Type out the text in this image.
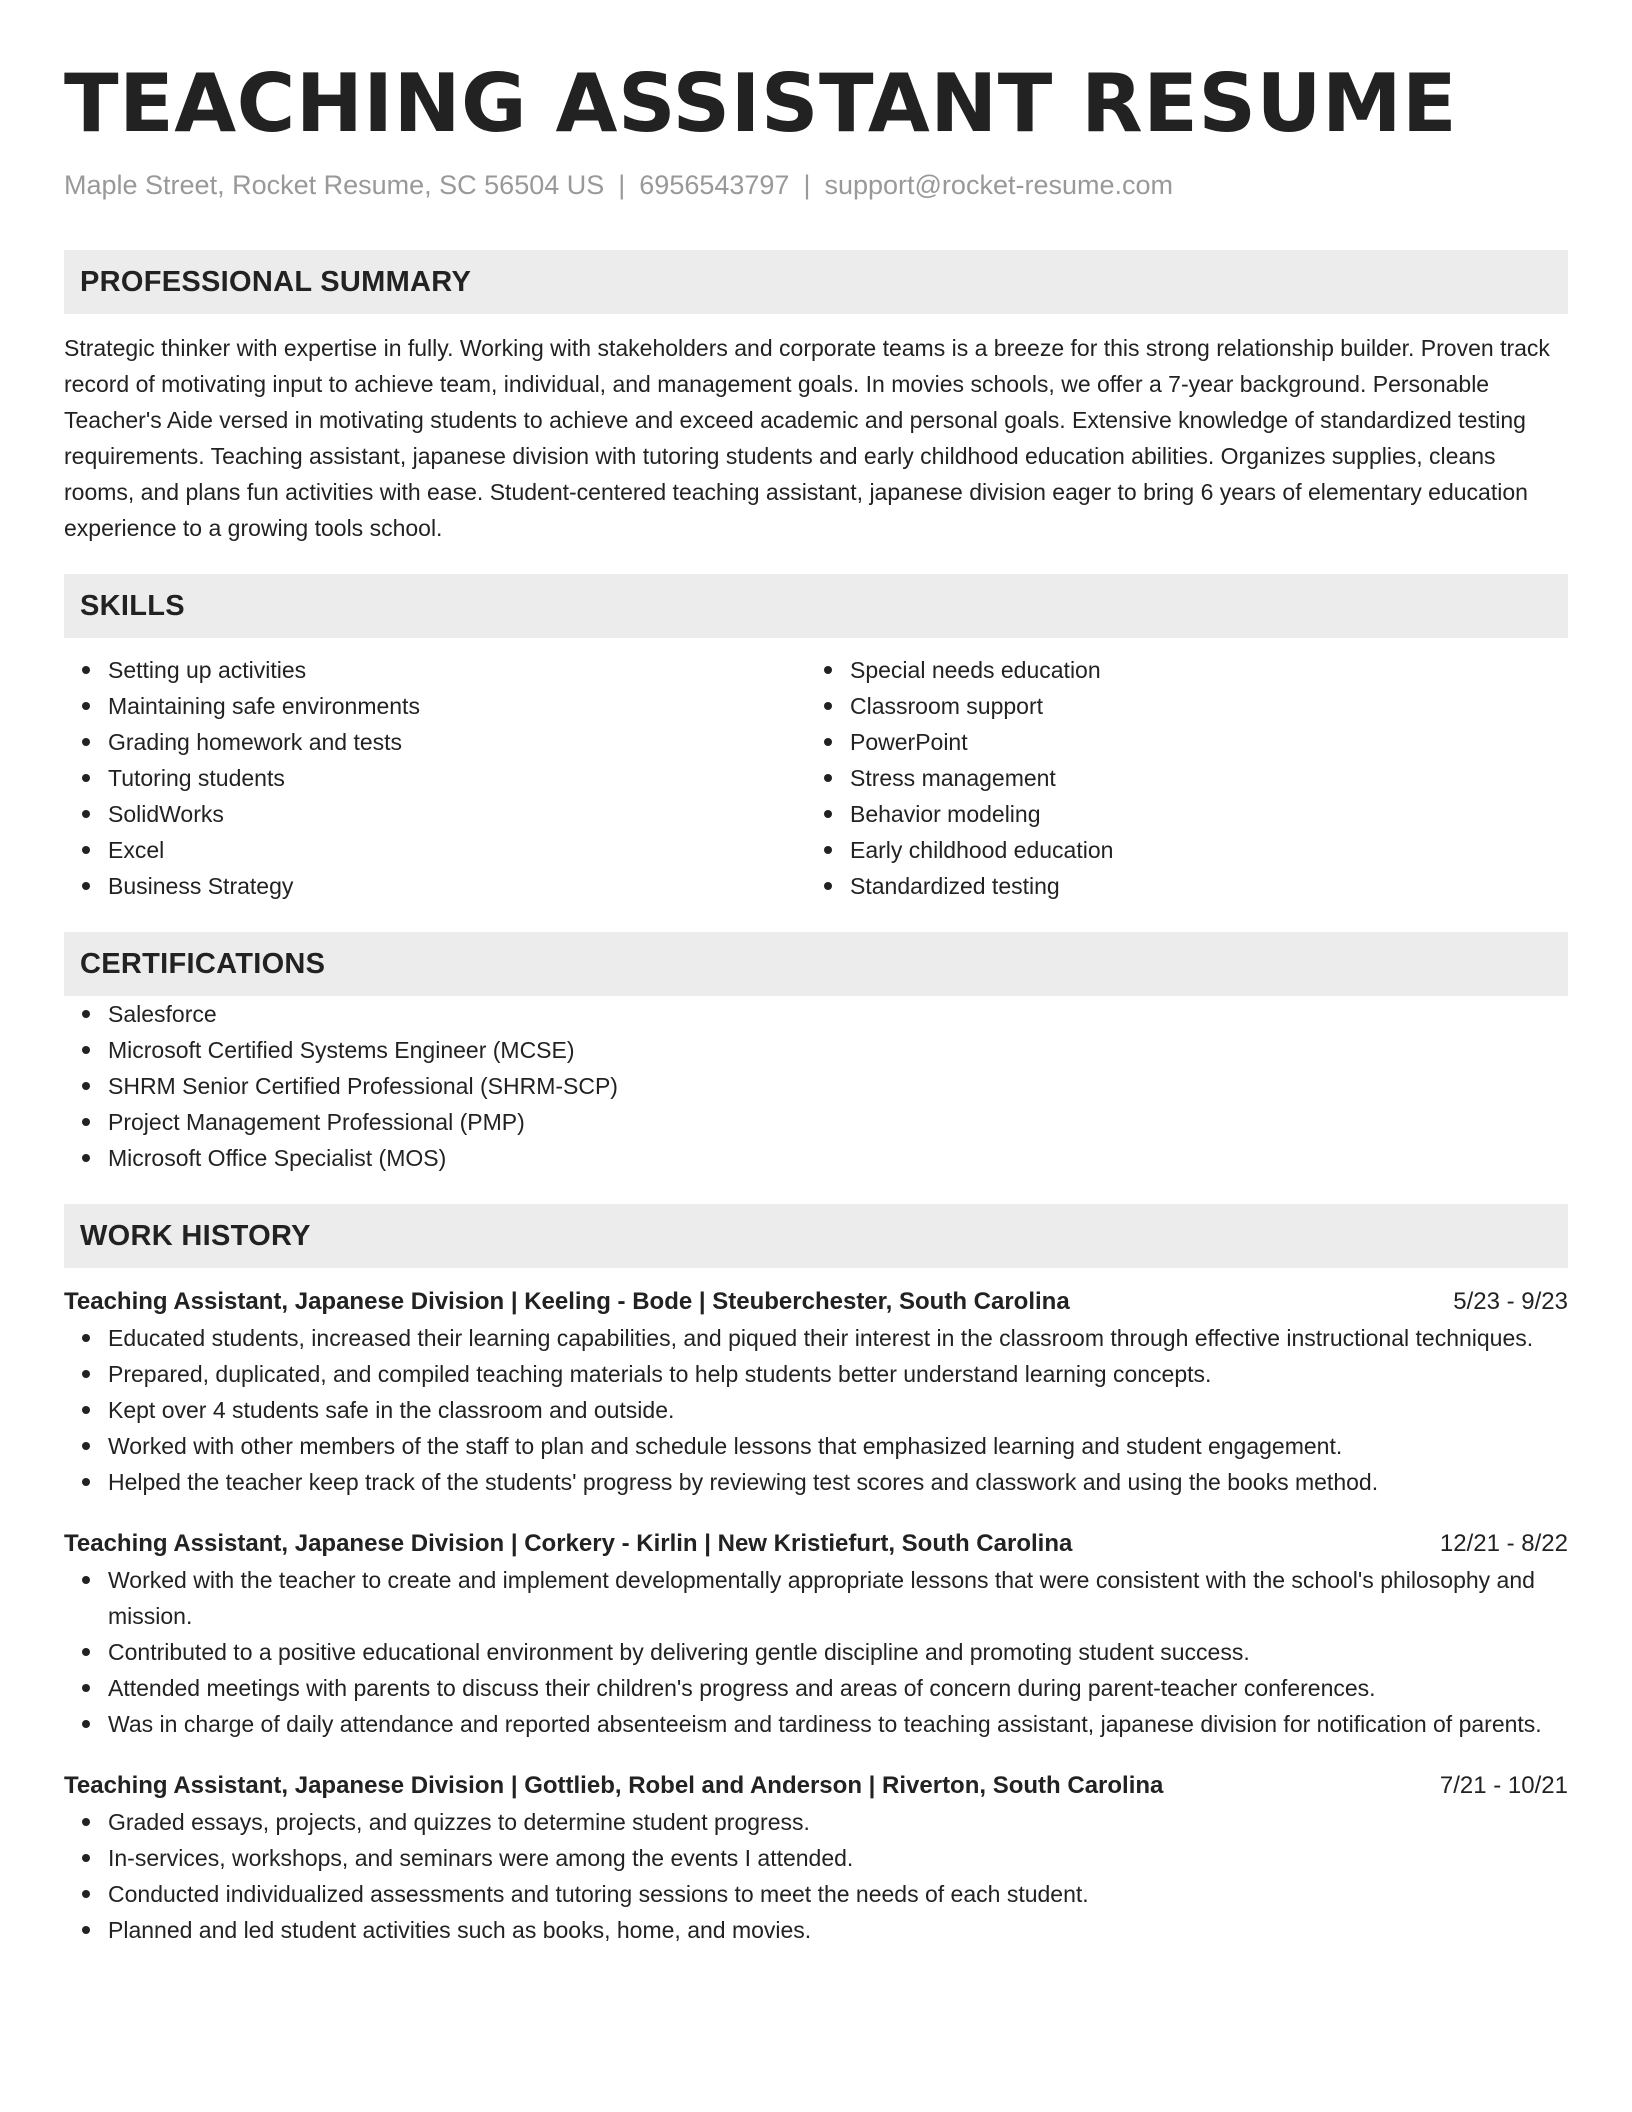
TEACHING ASSISTANT RESUME
Maple Street, Rocket Resume, SC 56504 US | 6956543797 | support@rocket-resume.com
PROFESSIONAL SUMMARY
Strategic thinker with expertise in fully. Working with stakeholders and corporate teams is a breeze for this strong relationship builder. Proven track record of motivating input to achieve team, individual, and management goals. In movies schools, we offer a 7-year background. Personable Teacher's Aide versed in motivating students to achieve and exceed academic and personal goals. Extensive knowledge of standardized testing requirements. Teaching assistant, japanese division with tutoring students and early childhood education abilities. Organizes supplies, cleans rooms, and plans fun activities with ease. Student-centered teaching assistant, japanese division eager to bring 6 years of elementary education experience to a growing tools school.
SKILLS
Setting up activities
Maintaining safe environments
Grading homework and tests
Tutoring students
SolidWorks
Excel
Business Strategy
Special needs education
Classroom support
PowerPoint
Stress management
Behavior modeling
Early childhood education
Standardized testing
CERTIFICATIONS
Salesforce
Microsoft Certified Systems Engineer (MCSE)
SHRM Senior Certified Professional (SHRM-SCP)
Project Management Professional (PMP)
Microsoft Office Specialist (MOS)
WORK HISTORY
Teaching Assistant, Japanese Division | Keeling - Bode | Steuberchester, South Carolina	5/23 - 9/23
Educated students, increased their learning capabilities, and piqued their interest in the classroom through effective instructional techniques.
Prepared, duplicated, and compiled teaching materials to help students better understand learning concepts.
Kept over 4 students safe in the classroom and outside.
Worked with other members of the staff to plan and schedule lessons that emphasized learning and student engagement.
Helped the teacher keep track of the students' progress by reviewing test scores and classwork and using the books method.
Teaching Assistant, Japanese Division | Corkery - Kirlin | New Kristiefurt, South Carolina	12/21 - 8/22
Worked with the teacher to create and implement developmentally appropriate lessons that were consistent with the school's philosophy and mission.
Contributed to a positive educational environment by delivering gentle discipline and promoting student success.
Attended meetings with parents to discuss their children's progress and areas of concern during parent-teacher conferences.
Was in charge of daily attendance and reported absenteeism and tardiness to teaching assistant, japanese division for notification of parents.
Teaching Assistant, Japanese Division | Gottlieb, Robel and Anderson | Riverton, South Carolina	7/21 - 10/21
Graded essays, projects, and quizzes to determine student progress.
In-services, workshops, and seminars were among the events I attended.
Conducted individualized assessments and tutoring sessions to meet the needs of each student.
Planned and led student activities such as books, home, and movies.
